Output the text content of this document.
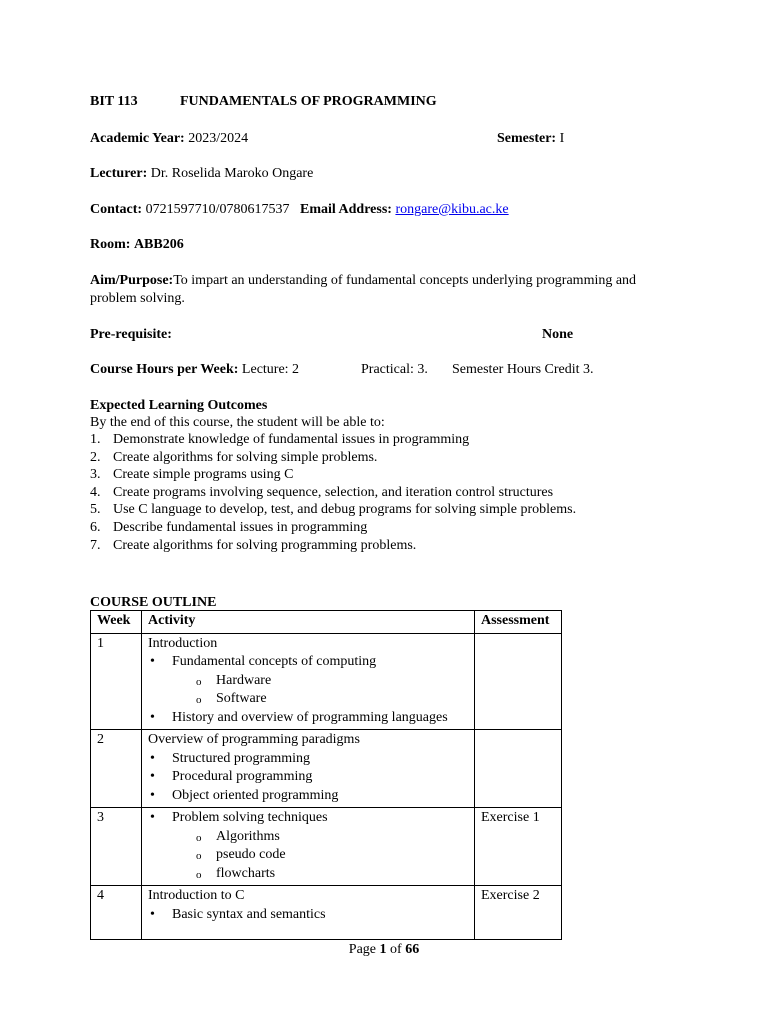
BIT 113	FUNDAMENTALS OF PROGRAMMING
Academic Year: 2023/2024	Semester: I
Lecturer: Dr. Roselida Maroko Ongare
Contact: 0721597710/0780617537 Email Address: rongare@kibu.ac.ke
Room: ABB206
Aim/Purpose:To impart an understanding of fundamental concepts underlying programming and
problem solving.
Pre-requisite:	None
Course Hours per Week: Lecture: 2	Practical: 3. Semester Hours Credit 3.
Expected Learning Outcomes
By the end of this course, the student will be able to:
1. Demonstrate knowledge of fundamental issues in programming
2. Create algorithms for solving simple problems.
3. Create simple programs using C
4. Create programs involving sequence, selection, and iteration control structures
5. Use C language to develop, test, and debug programs for solving simple problems.
6. Describe fundamental issues in programming
7. Create algorithms for solving programming problems.
COURSE OUTLINE
Week	Activity	Assessment
1	Introduction
• Fundamental concepts of computing
o Hardware
o Software
• History and overview of programming languages

2	Overview of programming paradigms
• Structured programming
• Procedural programming
• Object oriented programming

3	• Problem solving techniques
o Algorithms
o pseudo code
o flowcharts	Exercise 1
4	Introduction to C
• Basic syntax and semantics	Exercise 2
Page 1 of 66
